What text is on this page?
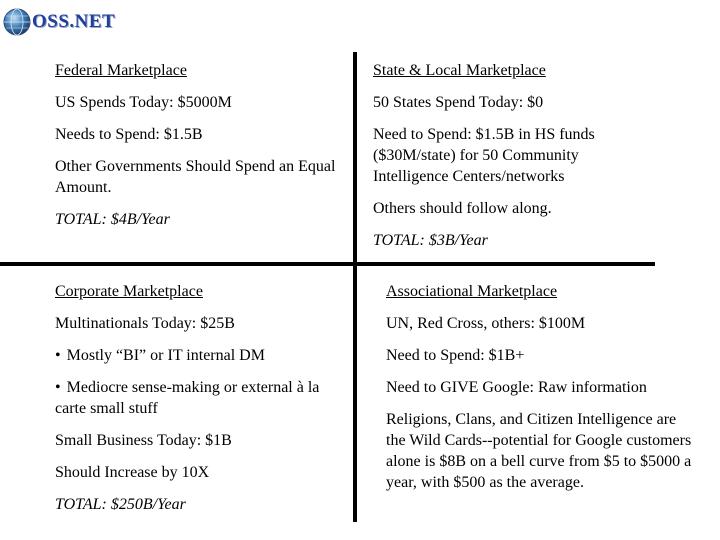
OSS.NET

Federal Marketplace

US Spends Today: $5000M

Needs to Spend: $1.5B

Other Governments Should Spend an Equal Amount.

TOTAL: $4B/Year

State & Local Marketplace

50 States Spend Today: $0

Need to Spend: $1.5B in HS funds ($30M/state) for 50 Community Intelligence Centers/networks

Others should follow along.

TOTAL: $3B/Year

Corporate Marketplace

Multinationals Today: $25B

• Mostly “BI” or IT internal DM

• Mediocre sense-making or external à la carte small stuff

Small Business Today: $1B

Should Increase by 10X

TOTAL: $250B/Year

Associational Marketplace

UN, Red Cross, others: $100M

Need to Spend: $1B+

Need to GIVE Google: Raw information

Religions, Clans, and Citizen Intelligence are the Wild Cards--potential for Google customers alone is $8B on a bell curve from $5 to $5000 a year, with $500 as the average.
